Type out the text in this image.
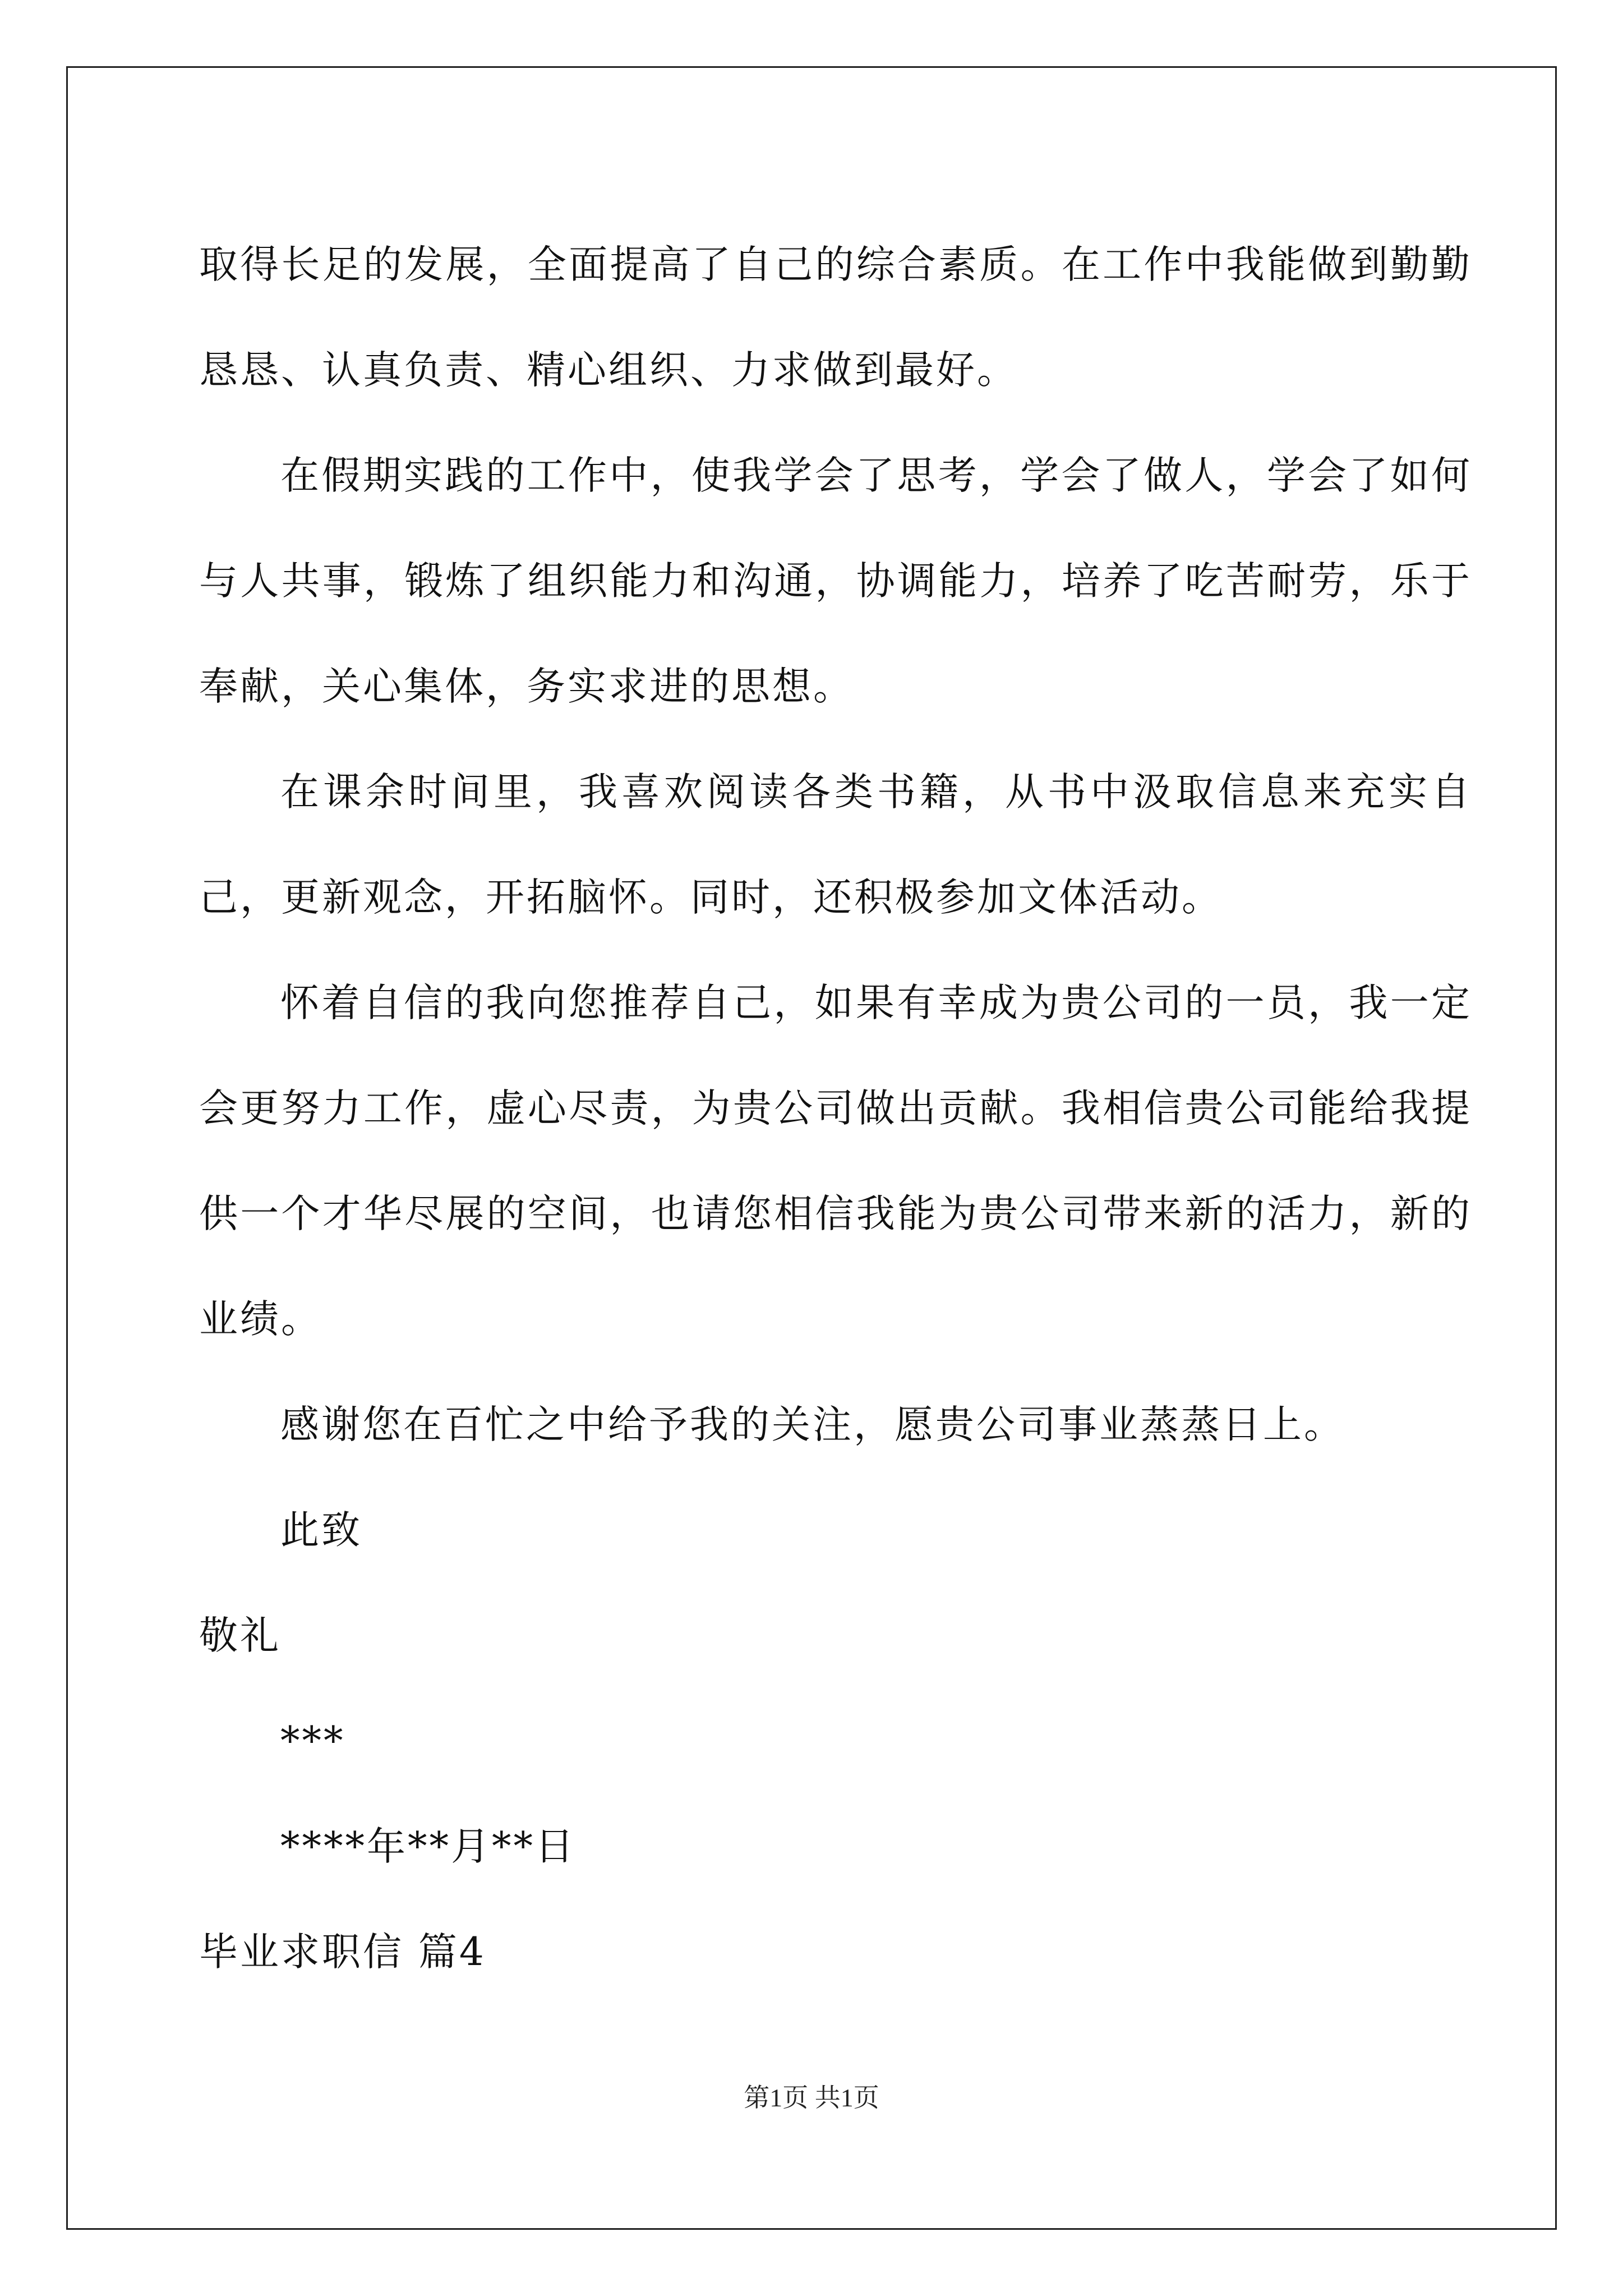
取得长足的发展，全面提高了自己的综合素质。在工作中我能做到勤勤恳恳、认真负责、精心组织、力求做到最好。

在假期实践的工作中，使我学会了思考，学会了做人，学会了如何与人共事，锻炼了组织能力和沟通，协调能力，培养了吃苦耐劳，乐于奉献，关心集体，务实求进的思想。

在课余时间里，我喜欢阅读各类书籍，从书中汲取信息来充实自己，更新观念，开拓脑怀。同时，还积极参加文体活动。

怀着自信的我向您推荐自己，如果有幸成为贵公司的一员，我一定会更努力工作，虚心尽责，为贵公司做出贡献。我相信贵公司能给我提供一个才华尽展的空间，也请您相信我能为贵公司带来新的活力，新的业绩。

感谢您在百忙之中给予我的关注，愿贵公司事业蒸蒸日上。

此致

敬礼

***

****年**月**日

毕业求职信 篇4

第1页 共1页
